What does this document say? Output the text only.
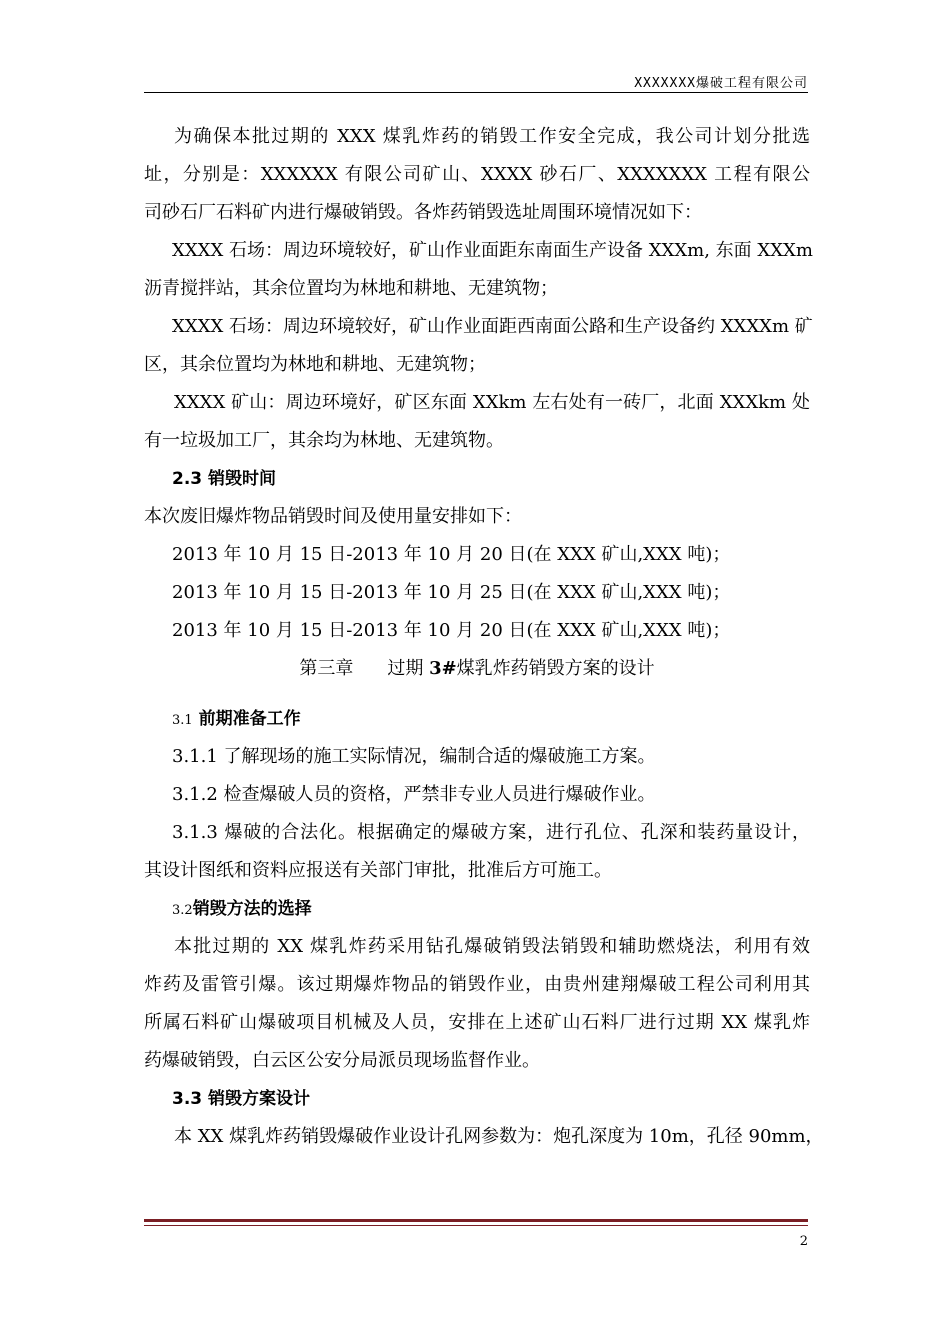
XXXXXXX爆破工程有限公司
为确保本批过期的 XXX 煤乳炸药的销毁工作安全完成，我公司计划分批选
址，分别是：XXXXXX 有限公司矿山、XXXX 砂石厂、XXXXXXX 工程有限公
司砂石厂石料矿内进行爆破销毁。各炸药销毁选址周围环境情况如下：
XXXX 石场：周边环境较好，矿山作业面距东南面生产设备 XXXm, 东面 XXXm
沥青搅拌站，其余位置均为林地和耕地、无建筑物；
XXXX 石场：周边环境较好，矿山作业面距西南面公路和生产设备约 XXXXm 矿
区，其余位置均为林地和耕地、无建筑物；
XXXX 矿山：周边环境好，矿区东面 XXkm 左右处有一砖厂，北面 XXXkm 处
有一垃圾加工厂，其余均为林地、无建筑物。
2.3 销毁时间
本次废旧爆炸物品销毁时间及使用量安排如下：
2013 年 10 月 15 日-2013 年 10 月 20 日(在 XXX 矿山,XXX 吨)；
2013 年 10 月 15 日-2013 年 10 月 25 日(在 XXX 矿山,XXX 吨)；
2013 年 10 月 15 日-2013 年 10 月 20 日(在 XXX 矿山,XXX 吨)；
第三章 过期 3#煤乳炸药销毁方案的设计
3.1 前期准备工作
3.1.1 了解现场的施工实际情况，编制合适的爆破施工方案。
3.1.2 检查爆破人员的资格，严禁非专业人员进行爆破作业。
3.1.3 爆破的合法化。根据确定的爆破方案，进行孔位、孔深和装药量设计，
其设计图纸和资料应报送有关部门审批，批准后方可施工。
3.2销毁方法的选择
本批过期的 XX 煤乳炸药采用钻孔爆破销毁法销毁和辅助燃烧法，利用有效
炸药及雷管引爆。该过期爆炸物品的销毁作业，由贵州建翔爆破工程公司利用其
所属石料矿山爆破项目机械及人员，安排在上述矿山石料厂进行过期 XX 煤乳炸
药爆破销毁，白云区公安分局派员现场监督作业。
3.3 销毁方案设计
本 XX 煤乳炸药销毁爆破作业设计孔网参数为：炮孔深度为 10m，孔径 90mm，
2
